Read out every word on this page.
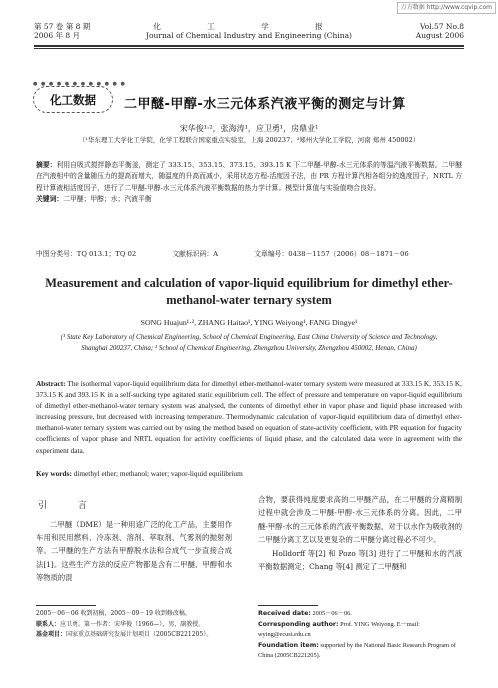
万方数据 http://www.cqvip.com
第 57 卷 第 8 期
2006 年 8 月
化 工 学 报
Journal of Chemical Industry and Engineering (China)
Vol.57 No.8
August 2006
● ● ● ● ● ● ● ● ● ● ● ●
化工数据	二甲醚-甲醇-水三元体系汽液平衡的测定与计算
宋华俊¹·²，张海涛¹，应卫勇¹，房鼎业¹
（¹华东理工大学化工学院，化学工程联合国家重点实验室，上海 200237；²郑州大学化工学院，河南 郑州 450002）
摘要：利用自吸式搅拌静态平衡釜，测定了 333.15、353.15、373.15、393.15 K 下二甲醚-甲醇-水三元体系的等温汽液平衡数据。二甲醚在汽液相中的含量随压力的提高而增大，随温度的升高而减小，采用状态方程-活度因子法，由 PR 方程计算汽相各组分的逸度因子，NRTL 方程计算液相活度因子，进行了二甲醚-甲醇-水三元体系汽液平衡数据的热力学计算。模型计算值与实验值吻合良好。
关键词：二甲醚；甲醇；水；汽液平衡
中图分类号：TQ 013.1；TQ 02	文献标识码：A	文章编号：0438－1157（2006）08－1871－06
Measurement and calculation of vapor-liquid equilibrium for dimethyl ether-methanol-water ternary system
SONG Huajun¹·², ZHANG Haitao¹, YING Weiyong¹, FANG Dingye¹
(¹ State Key Laboratory of Chemical Engineering, School of Chemical Engineering, East China University of Science and Technology, Shanghai 200237, China; ² School of Chemical Engineering, Zhengzhou University, Zhengzhou 450002, Henan, China)
Abstract: The isothermal vapor-liquid equilibrium data for dimethyl ether-methanol-water ternary system were measured at 333.15 K, 353.15 K, 373.15 K and 393.15 K in a self-sucking type agitated static equilibrium cell. The effect of pressure and temperature on vapor-liquid equilibrium of dimethyl ether-methanol-water ternary system was analysed, the contents of dimethyl ether in vapor phase and liquid phase increased with increasing pressure, but decreased with increasing temperature. Thermodynamic calculation of vapor-liquid equilibrium data of dimethyl ether-methanol-water ternary system was carried out by using the method based on equation of state-activity coefficient, with PR equation for fugacity coefficients of vapor phase and NRTL equation for activity coefficients of liquid phase, and the calculated data were in agreement with the experiment data.
Key words: dimethyl ether; methanol; water; vapor-liquid equilibrium
引 言
二甲醚（DME）是一种用途广泛的化工产品，主要用作车用和民用燃料、冷冻剂、溶剂、萃取剂、气雾剂的抛射剂等。二甲醚的生产方法有甲醇脱水法和合成气一步直接合成法[1]。这些生产方法的反应产物都是含有二甲醚、甲醇和水等物质的混
合物，要获得纯度要求高的二甲醚产品，在二甲醚的分离精制过程中就会涉及二甲醚-甲醇-水三元体系的分离。因此，二甲醚-甲醇-水的三元体系的汽液平衡数据，对于以水作为吸收剂的二甲醚分离工艺以及更复杂的二甲醚分离过程必不可少。
Holldorff 等[2] 和 Pozo 等[3] 进行了二甲醚和水的汽液平衡数据测定；Chang 等[4] 测定了二甲醚和
2005－06－06 收到初稿，2005－09－19 收到修改稿。
联系人：应卫勇。第一作者：宋华俊（1966—），男，副教授。
基金项目：国家重点基础研究发展计划项目（2005CB221205）。
Received date: 2005－06－06.
Corresponding author: Prof. YING Weiyong. E－mail: wying@ecust.edu.cn
Foundation item: supported by the National Basic Research Program of China (2005CB221205).
